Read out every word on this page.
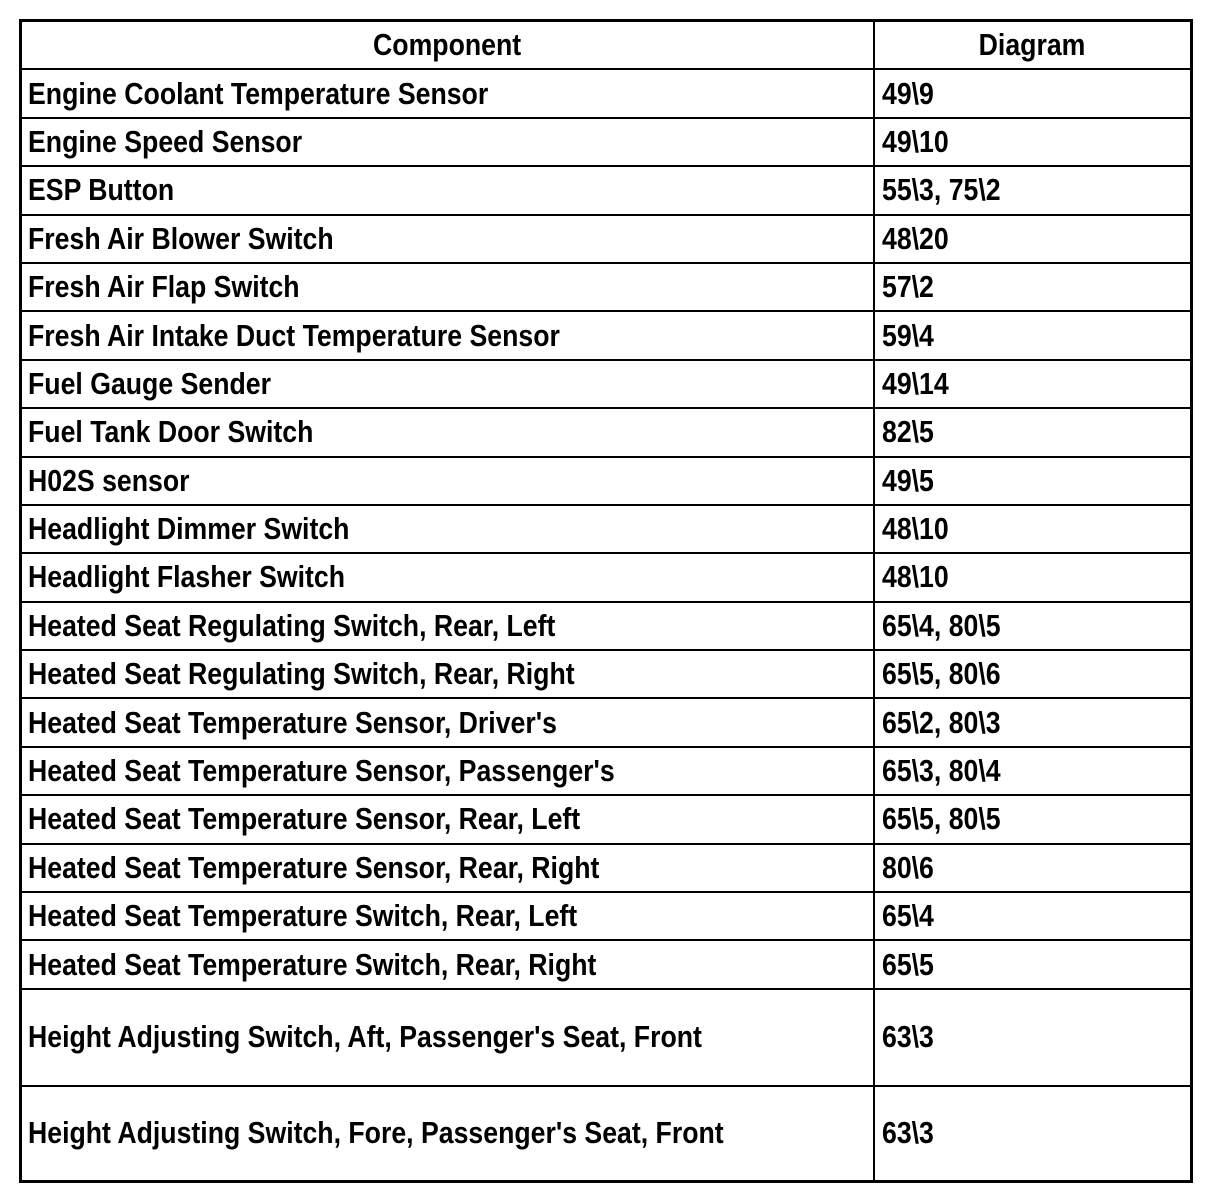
Component	Diagram
Engine Coolant Temperature Sensor	49\9
Engine Speed Sensor	49\10
ESP Button	55\3, 75\2
Fresh Air Blower Switch	48\20
Fresh Air Flap Switch	57\2
Fresh Air Intake Duct Temperature Sensor	59\4
Fuel Gauge Sender	49\14
Fuel Tank Door Switch	82\5
H02S sensor	49\5
Headlight Dimmer Switch	48\10
Headlight Flasher Switch	48\10
Heated Seat Regulating Switch, Rear, Left	65\4, 80\5
Heated Seat Regulating Switch, Rear, Right	65\5, 80\6
Heated Seat Temperature Sensor, Driver's	65\2, 80\3
Heated Seat Temperature Sensor, Passenger's	65\3, 80\4
Heated Seat Temperature Sensor, Rear, Left	65\5, 80\5
Heated Seat Temperature Sensor, Rear, Right	80\6
Heated Seat Temperature Switch, Rear, Left	65\4
Heated Seat Temperature Switch, Rear, Right	65\5
Height Adjusting Switch, Aft, Passenger's Seat, Front	63\3
Height Adjusting Switch, Fore, Passenger's Seat, Front	63\3
